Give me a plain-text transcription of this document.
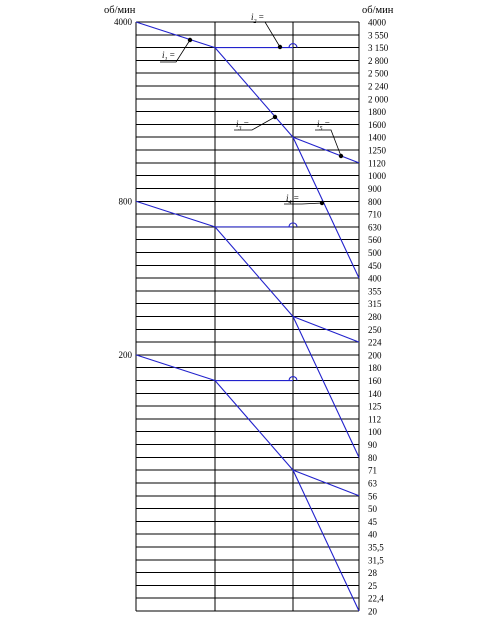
об/мин	об/мин
4000
3 550
3 150
2 800
2 500
2 240
2 000
1800
1600
1400
1250
1120
1000
900
800
710
630
560
500
450
400
355
315
280
250
224
200
180
160
140
125
112
100
90
80
71
63
56
50
45
40
35,5
31,5
28
25
22,4
20
4000
800
200
$i_1$ =
$i_2$ =
$i_3$ =
$i_4$ =
$i_5$ =
